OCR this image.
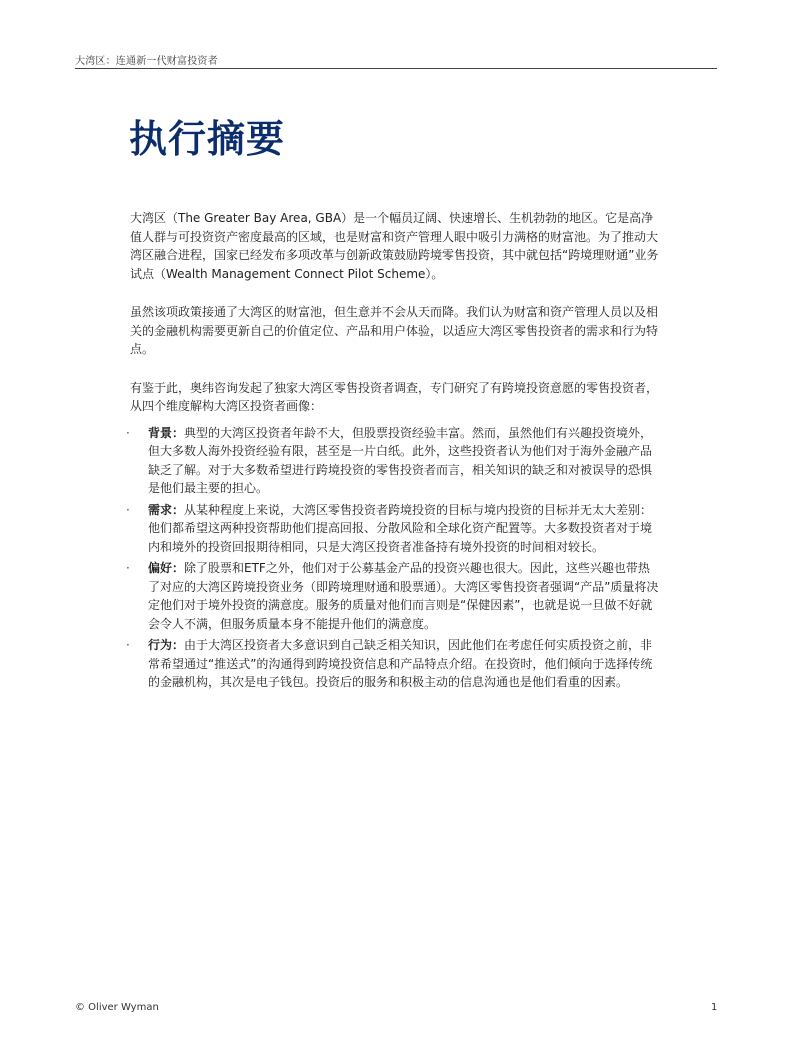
大湾区：连通新一代财富投资者
执行摘要

大湾区（The Greater Bay Area, GBA）是一个幅员辽阔、快速增长、生机勃勃的地区。它是高净值人群与可投资资产密度最高的区域，也是财富和资产管理人眼中吸引力满格的财富池。为了推动大湾区融合进程，国家已经发布多项改革与创新政策鼓励跨境零售投资，其中就包括“跨境理财通”业务试点（Wealth Management Connect Pilot Scheme）。

虽然该项政策接通了大湾区的财富池，但生意并不会从天而降。我们认为财富和资产管理人员以及相关的金融机构需要更新自己的价值定位、产品和用户体验，以适应大湾区零售投资者的需求和行为特点。

有鉴于此，奥纬咨询发起了独家大湾区零售投资者调查，专门研究了有跨境投资意愿的零售投资者，从四个维度解构大湾区投资者画像：

· 背景：典型的大湾区投资者年龄不大，但股票投资经验丰富。然而，虽然他们有兴趣投资境外，但大多数人海外投资经验有限，甚至是一片白纸。此外，这些投资者认为他们对于海外金融产品缺乏了解。对于大多数希望进行跨境投资的零售投资者而言，相关知识的缺乏和对被误导的恐惧是他们最主要的担心。
· 需求：从某种程度上来说，大湾区零售投资者跨境投资的目标与境内投资的目标并无太大差别：他们都希望这两种投资帮助他们提高回报、分散风险和全球化资产配置等。大多数投资者对于境内和境外的投资回报期待相同，只是大湾区投资者准备持有境外投资的时间相对较长。
· 偏好：除了股票和ETF之外，他们对于公募基金产品的投资兴趣也很大。因此，这些兴趣也带热了对应的大湾区跨境投资业务（即跨境理财通和股票通）。大湾区零售投资者强调“产品”质量将决定他们对于境外投资的满意度。服务的质量对他们而言则是“保健因素”，也就是说一旦做不好就会令人不满，但服务质量本身不能提升他们的满意度。
· 行为：由于大湾区投资者大多意识到自己缺乏相关知识，因此他们在考虑任何实质投资之前，非常希望通过“推送式”的沟通得到跨境投资信息和产品特点介绍。在投资时，他们倾向于选择传统的金融机构，其次是电子钱包。投资后的服务和积极主动的信息沟通也是他们看重的因素。
© Oliver Wyman	1
